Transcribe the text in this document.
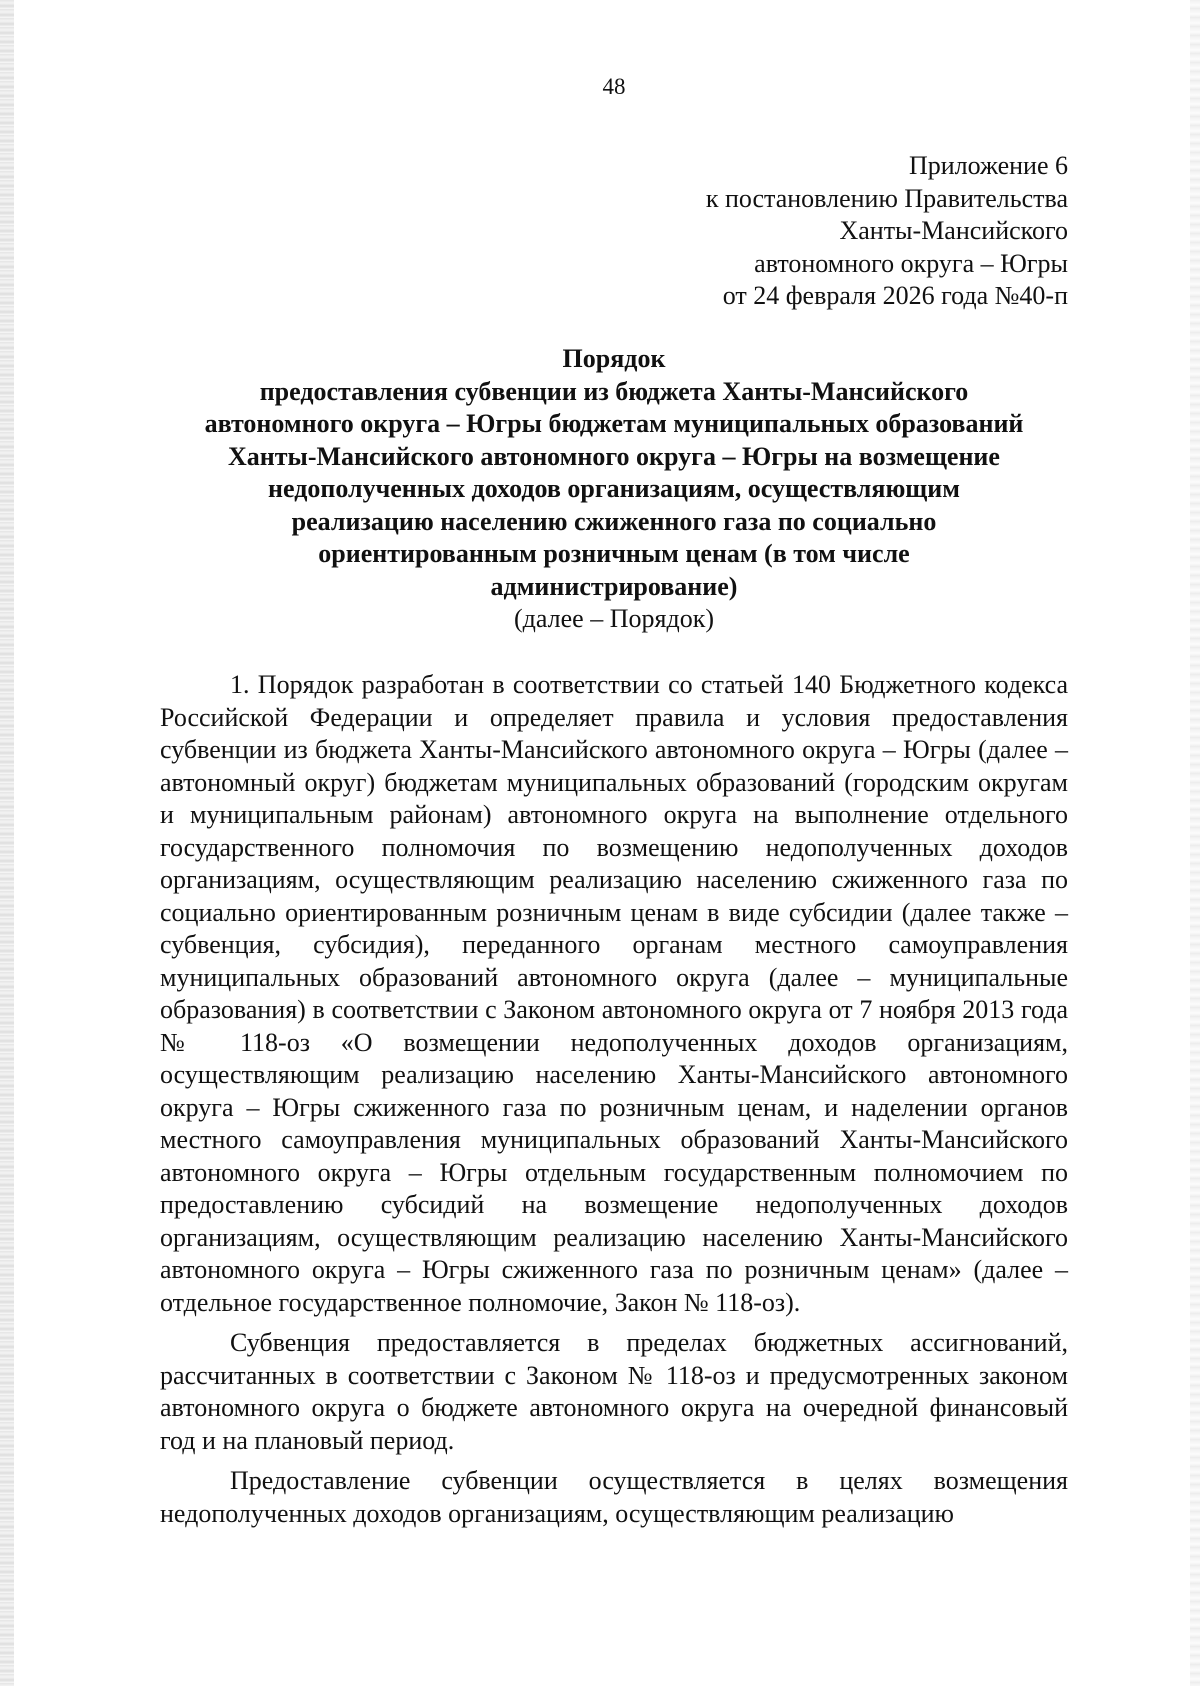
48
Приложение 6
к постановлению Правительства
Ханты-Мансийского
автономного округа – Югры
от 24 февраля 2026 года №40-п
Порядок
предоставления субвенции из бюджета Ханты-Мансийского
автономного округа – Югры бюджетам муниципальных образований
Ханты-Мансийского автономного округа – Югры на возмещение
недополученных доходов организациям, осуществляющим
реализацию населению сжиженного газа по социально
ориентированным розничным ценам (в том числе
администрирование)
(далее – Порядок)

1. Порядок разработан в соответствии со статьей 140 Бюджетного кодекса Российской Федерации и определяет правила и условия предоставления субвенции из бюджета Ханты-Мансийского автономного округа – Югры (далее – автономный округ) бюджетам муниципальных образований (городским округам и муниципальным районам) автономного округа на выполнение отдельного государственного полномочия по возмещению недополученных доходов организациям, осуществляющим реализацию населению сжиженного газа по социально ориентированным розничным ценам в виде субсидии (далее также – субвенция, субсидия), переданного органам местного самоуправления муниципальных образований автономного округа (далее – муниципальные образования) в соответствии с Законом автономного округа от 7 ноября 2013 года № 118-оз «О возмещении недополученных доходов организациям, осуществляющим реализацию населению Ханты-Мансийского автономного округа – Югры сжиженного газа по розничным ценам, и наделении органов местного самоуправления муниципальных образований Ханты-Мансийского автономного округа – Югры отдельным государственным полномочием по предоставлению субсидий на возмещение недополученных доходов организациям, осуществляющим реализацию населению Ханты-Мансийского автономного округа – Югры сжиженного газа по розничным ценам» (далее – отдельное государственное полномочие, Закон № 118-оз).

Субвенция предоставляется в пределах бюджетных ассигнований, рассчитанных в соответствии с Законом № 118-оз и предусмотренных законом автономного округа о бюджете автономного округа на очередной финансовый год и на плановый период.

Предоставление субвенции осуществляется в целях возмещения недополученных доходов организациям, осуществляющим реализацию
